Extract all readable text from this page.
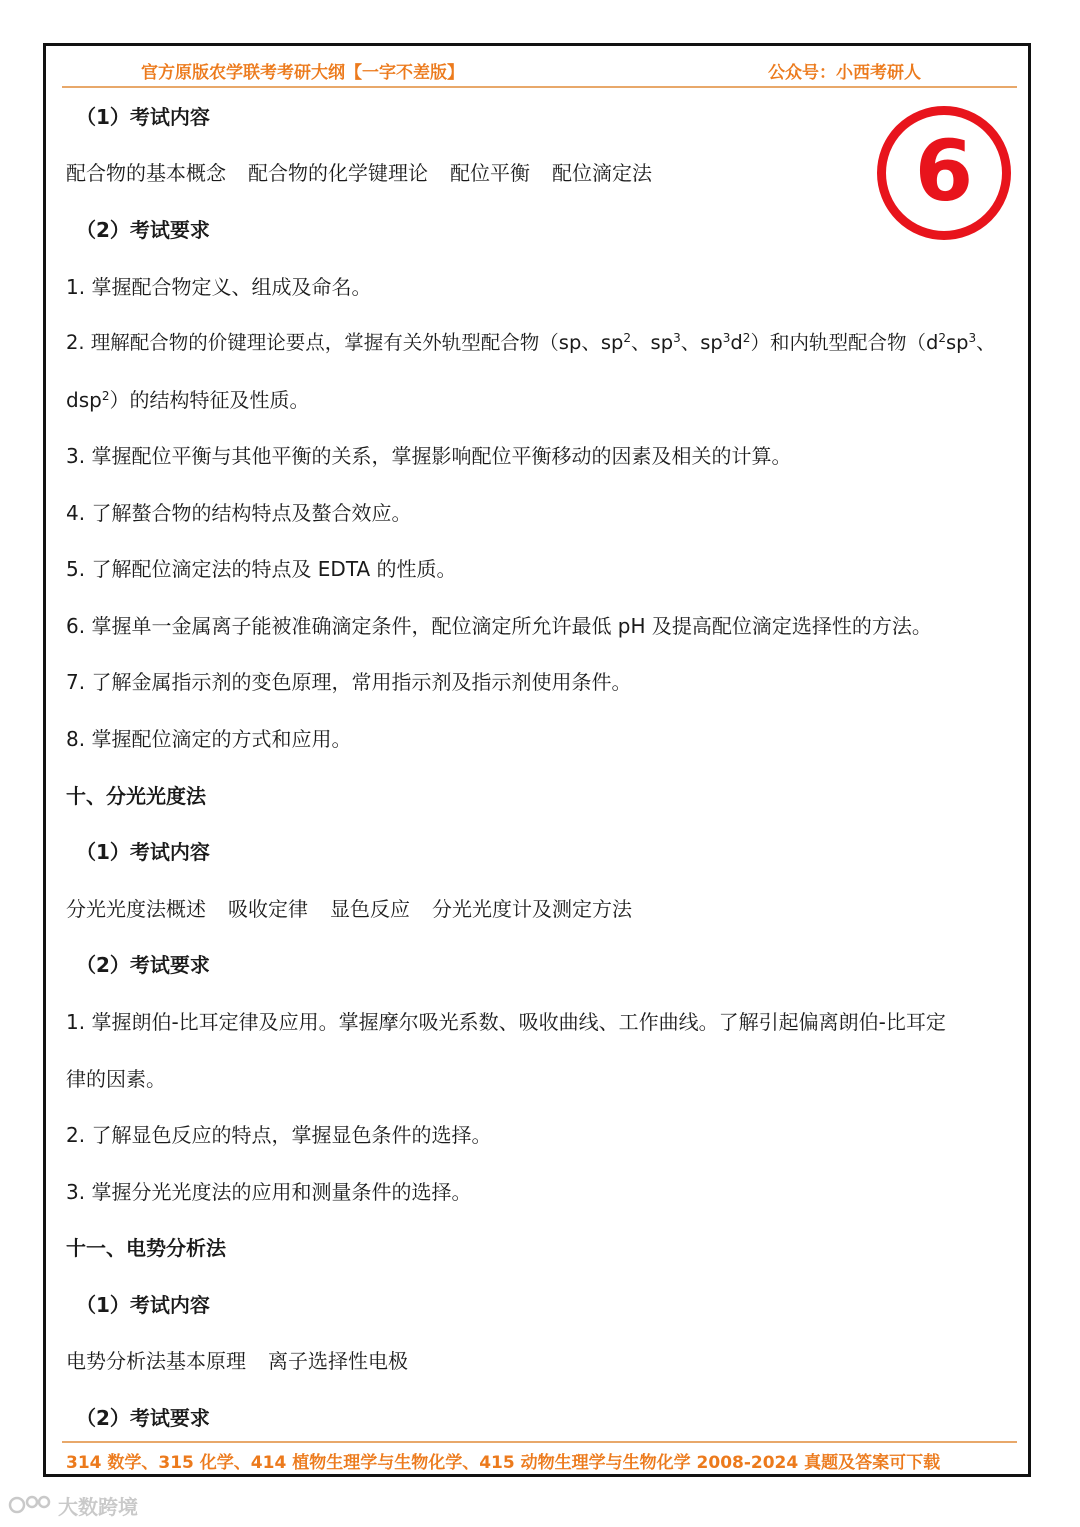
官方原版农学联考考研大纲【一字不差版】	公众号：小西考研人
6
（1）考试内容
配合物的基本概念 配合物的化学键理论 配位平衡 配位滴定法
（2）考试要求
1. 掌握配合物定义、组成及命名。
2. 理解配合物的价键理论要点，掌握有关外轨型配合物（sp、$sp^2$、$sp^3$、$sp^3d^2$）和内轨型配合物（$d^2sp^3$、
dsp$^2$）的结构特征及性质。
3. 掌握配位平衡与其他平衡的关系，掌握影响配位平衡移动的因素及相关的计算。
4. 了解螯合物的结构特点及螯合效应。
5. 了解配位滴定法的特点及 EDTA 的性质。
6. 掌握单一金属离子能被准确滴定条件，配位滴定所允许最低 pH 及提高配位滴定选择性的方法。
7. 了解金属指示剂的变色原理，常用指示剂及指示剂使用条件。
8. 掌握配位滴定的方式和应用。
十、分光光度法
（1）考试内容
分光光度法概述 吸收定律 显色反应 分光光度计及测定方法
（2）考试要求
1. 掌握朗伯-比耳定律及应用。掌握摩尔吸光系数、吸收曲线、工作曲线。了解引起偏离朗伯-比耳定
律的因素。
2. 了解显色反应的特点，掌握显色条件的选择。
3. 掌握分光光度法的应用和测量条件的选择。
十一、电势分析法
（1）考试内容
电势分析法基本原理 离子选择性电极
（2）考试要求
314 数学、315 化学、414 植物生理学与生物化学、415 动物生理学与生物化学 2008-2024 真题及答案可下载
大数跨境
